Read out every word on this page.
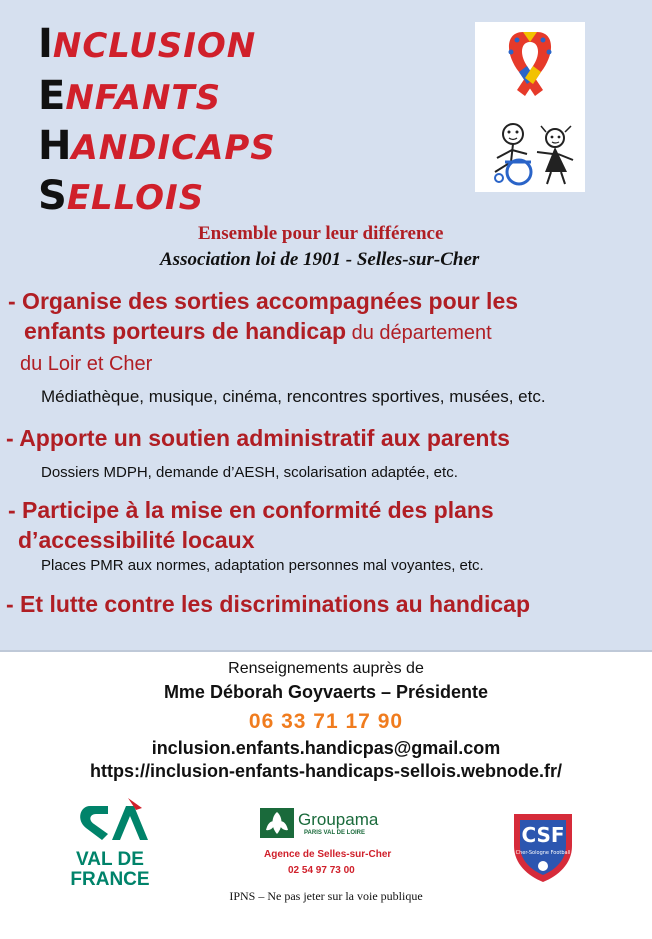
INCLUSION
ENFANTS
HANDICAPS
SELLOIS
Ensemble pour leur différence
Association loi de 1901 - Selles-sur-Cher
- Organise des sorties accompagnées pour les
enfants porteurs de handicap du département
du Loir et Cher
Médiathèque, musique, cinéma, rencontres sportives, musées, etc.
- Apporte un soutien administratif aux parents
Dossiers MDPH, demande d’AESH, scolarisation adaptée, etc.
- Participe à la mise en conformité des plans
d’accessibilité locaux
Places PMR aux normes, adaptation personnes mal voyantes, etc.
- Et lutte contre les discriminations au handicap
Renseignements auprès de
Mme Déborah Goyvaerts – Présidente
06 33 71 17 90
inclusion.enfants.handicpas@gmail.com
https://inclusion-enfants-handicaps-sellois.webnode.fr/
VAL DE
FRANCE
Groupama
PARIS VAL DE LOIRE
Agence de Selles-sur-Cher
02 54 97 73 00
CSF
Cher-Sologne Football
IPNS – Ne pas jeter sur la voie publique
